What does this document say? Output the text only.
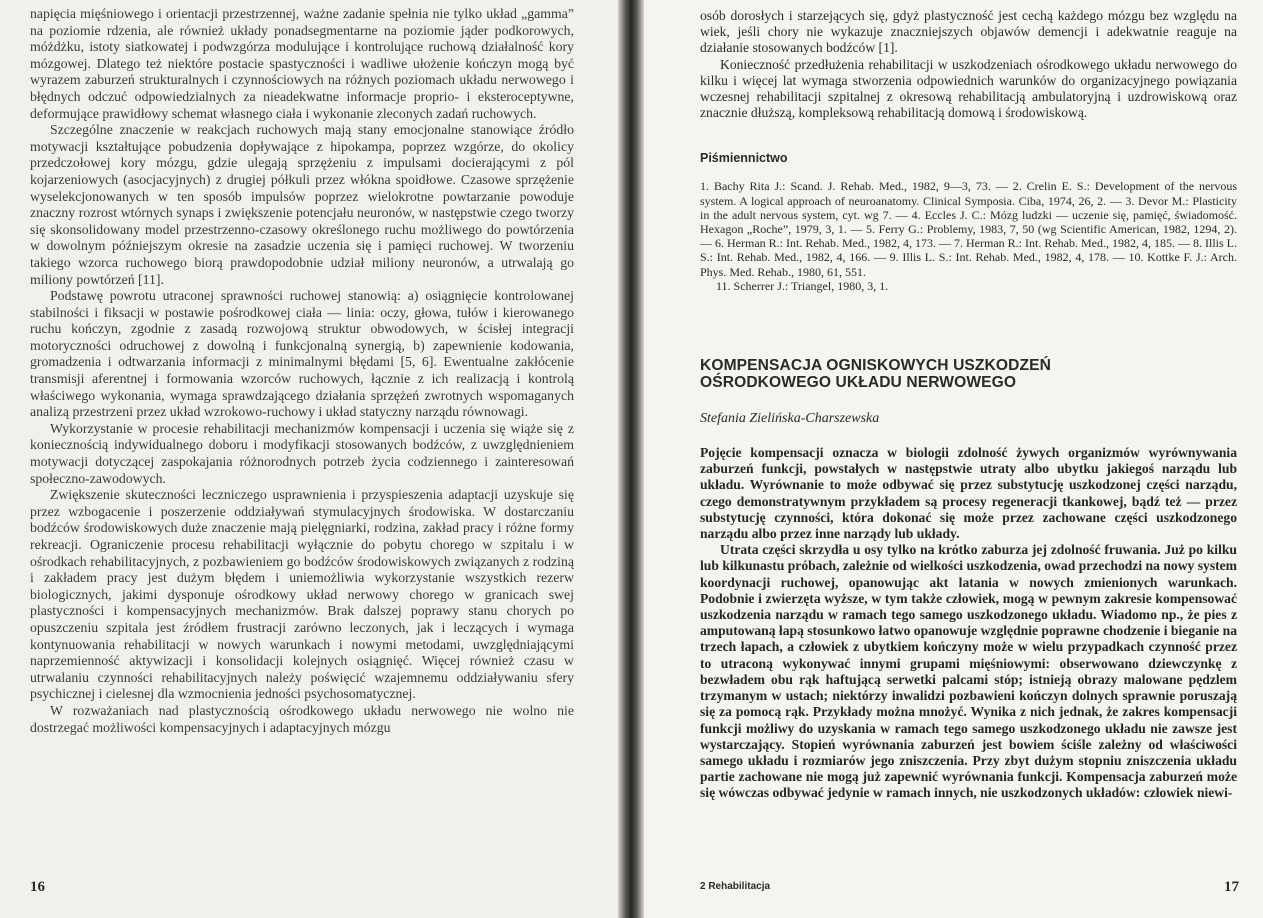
napięcia mięśniowego i orientacji przestrzennej, ważne zadanie spełnia nie tylko układ „gamma” na poziomie rdzenia, ale również układy ponadsegmentarne na poziomie jąder podkorowych, móżdżku, istoty siatkowatej i podwzgórza modulujące i kontrolujące ruchową działalność kory mózgowej. Dlatego też niektóre postacie spastyczności i wadliwe ułożenie kończyn mogą być wyrazem zaburzeń strukturalnych i czynnościowych na różnych poziomach układu nerwowego i błędnych odczuć odpowiedzialnych za nieadekwatne informacje proprio- i eksteroceptywne, deformujące prawidłowy schemat własnego ciała i wykonanie zleconych zadań ruchowych.

Szczególne znaczenie w reakcjach ruchowych mają stany emocjonalne stanowiące źródło motywacji kształtujące pobudzenia dopływające z hipokampa, poprzez wzgórze, do okolicy przedczołowej kory mózgu, gdzie ulegają sprzężeniu z impulsami docierającymi z pól kojarzeniowych (asocjacyjnych) z drugiej półkuli przez włókna spoidłowe. Czasowe sprzężenie wyselekcjonowanych w ten sposób impulsów poprzez wielokrotne powtarzanie powoduje znaczny rozrost wtórnych synaps i zwiększenie potencjału neuronów, w następstwie czego tworzy się skonsolidowany model przestrzenno-czasowy określonego ruchu możliwego do powtórzenia w dowolnym późniejszym okresie na zasadzie uczenia się i pamięci ruchowej. W tworzeniu takiego wzorca ruchowego biorą prawdopodobnie udział miliony neuronów, a utrwalają go miliony powtórzeń [11].

Podstawę powrotu utraconej sprawności ruchowej stanowią: a) osiągnięcie kontrolowanej stabilności i fiksacji w postawie pośrodkowej ciała — linia: oczy, głowa, tułów i kierowanego ruchu kończyn, zgodnie z zasadą rozwojową struktur obwodowych, w ścisłej integracji motoryczności odruchowej z dowolną i funkcjonalną synergią, b) zapewnienie kodowania, gromadzenia i odtwarzania informacji z minimalnymi błędami [5, 6]. Ewentualne zakłócenie transmisji aferentnej i formowania wzorców ruchowych, łącznie z ich realizacją i kontrolą właściwego wykonania, wymaga sprawdzającego działania sprzężeń zwrotnych wspomaganych analizą przestrzeni przez układ wzrokowo-ruchowy i układ statyczny narządu równowagi.

Wykorzystanie w procesie rehabilitacji mechanizmów kompensacji i uczenia się wiąże się z koniecznością indywidualnego doboru i modyfikacji stosowanych bodźców, z uwzględnieniem motywacji dotyczącej zaspokajania różnorodnych potrzeb życia codziennego i zainteresowań społeczno-zawodowych.

Zwiększenie skuteczności leczniczego usprawnienia i przyspieszenia adaptacji uzyskuje się przez wzbogacenie i poszerzenie oddziaływań stymulacyjnych środowiska. W dostarczaniu bodźców środowiskowych duże znaczenie mają pielęgniarki, rodzina, zakład pracy i różne formy rekreacji. Ograniczenie procesu rehabilitacji wyłącznie do pobytu chorego w szpitalu i w ośrodkach rehabilitacyjnych, z pozbawieniem go bodźców środowiskowych związanych z rodziną i zakładem pracy jest dużym błędem i uniemożliwia wykorzystanie wszystkich rezerw biologicznych, jakimi dysponuje ośrodkowy układ nerwowy chorego w granicach swej plastyczności i kompensacyjnych mechanizmów. Brak dalszej poprawy stanu chorych po opuszczeniu szpitala jest źródłem frustracji zarówno leczonych, jak i leczących i wymaga kontynuowania rehabilitacji w nowych warunkach i nowymi metodami, uwzględniającymi naprzemienność aktywizacji i konsolidacji kolejnych osiągnięć. Więcej również czasu w utrwalaniu czynności rehabilitacyjnych należy poświęcić wzajemnemu oddziaływaniu sfery psychicznej i cielesnej dla wzmocnienia jedności psychosomatycznej.

W rozważaniach nad plastycznością ośrodkowego układu nerwowego nie wolno nie dostrzegać możliwości kompensacyjnych i adaptacyjnych mózgu

16

osób dorosłych i starzejących się, gdyż plastyczność jest cechą każdego mózgu bez względu na wiek, jeśli chory nie wykazuje znaczniejszych objawów demencji i adekwatnie reaguje na działanie stosowanych bodźców [1].

Konieczność przedłużenia rehabilitacji w uszkodzeniach ośrodkowego układu nerwowego do kilku i więcej lat wymaga stworzenia odpowiednich warunków do organizacyjnego powiązania wczesnej rehabilitacji szpitalnej z okresową rehabilitacją ambulatoryjną i uzdrowiskową oraz znacznie dłuższą, kompleksową rehabilitacją domową i środowiskową.

Piśmiennictwo

1. Bachy Rita J.: Scand. J. Rehab. Med., 1982, 9—3, 73. — 2. Crelin E. S.: Development of the nervous system. A logical approach of neuroanatomy. Clinical Symposia. Ciba, 1974, 26, 2. — 3. Devor M.: Plasticity in the adult nervous system, cyt. wg 7. — 4. Eccles J. C.: Mózg ludzki — uczenie się, pamięć, świadomość. Hexagon „Roche”, 1979, 3, 1. — 5. Ferry G.: Problemy, 1983, 7, 50 (wg Scientific American, 1982, 1294, 2). — 6. Herman R.: Int. Rehab. Med., 1982, 4, 173. — 7. Herman R.: Int. Rehab. Med., 1982, 4, 185. — 8. Illis L. S.: Int. Rehab. Med., 1982, 4, 166. — 9. Illis L. S.: Int. Rehab. Med., 1982, 4, 178. — 10. Kottke F. J.: Arch. Phys. Med. Rehab., 1980, 61, 551.

11. Scherrer J.: Triangel, 1980, 3, 1.

KOMPENSACJA OGNISKOWYCH USZKODZEŃ
OŚRODKOWEGO UKŁADU NERWOWEGO
Stefania Zielińska-Charszewska

Pojęcie kompensacji oznacza w biologii zdolność żywych organizmów wyrównywania zaburzeń funkcji, powstałych w następstwie utraty albo ubytku jakiegoś narządu lub układu. Wyrównanie to może odbywać się przez substytucję uszkodzonej części narządu, czego demonstratywnym przykładem są procesy regeneracji tkankowej, bądź też — przez substytucję czynności, która dokonać się może przez zachowane części uszkodzonego narządu albo przez inne narządy lub układy.

Utrata części skrzydła u osy tylko na krótko zaburza jej zdolność fruwania. Już po kilku lub kilkunastu próbach, zależnie od wielkości uszkodzenia, owad przechodzi na nowy system koordynacji ruchowej, opanowując akt latania w nowych zmienionych warunkach. Podobnie i zwierzęta wyższe, w tym także człowiek, mogą w pewnym zakresie kompensować uszkodzenia narządu w ramach tego samego uszkodzonego układu. Wiadomo np., że pies z amputowaną łapą stosunkowo łatwo opanowuje względnie poprawne chodzenie i bieganie na trzech łapach, a człowiek z ubytkiem kończyny może w wielu przypadkach czynność przez to utraconą wykonywać innymi grupami mięśniowymi: obserwowano dziewczynkę z bezwładem obu rąk haftującą serwetki palcami stóp; istnieją obrazy malowane pędzlem trzymanym w ustach; niektórzy inwalidzi pozbawieni kończyn dolnych sprawnie poruszają się za pomocą rąk. Przykłady można mnożyć. Wynika z nich jednak, że zakres kompensacji funkcji możliwy do uzyskania w ramach tego samego uszkodzonego układu nie zawsze jest wystarczający. Stopień wyrównania zaburzeń jest bowiem ściśle zależny od właściwości samego układu i rozmiarów jego zniszczenia. Przy zbyt dużym stopniu zniszczenia układu partie zachowane nie mogą już zapewnić wyrównania funkcji. Kompensacja zaburzeń może się wówczas odbywać jedynie w ramach innych, nie uszkodzonych układów: człowiek niewi-

2 Rehabilitacja	17
